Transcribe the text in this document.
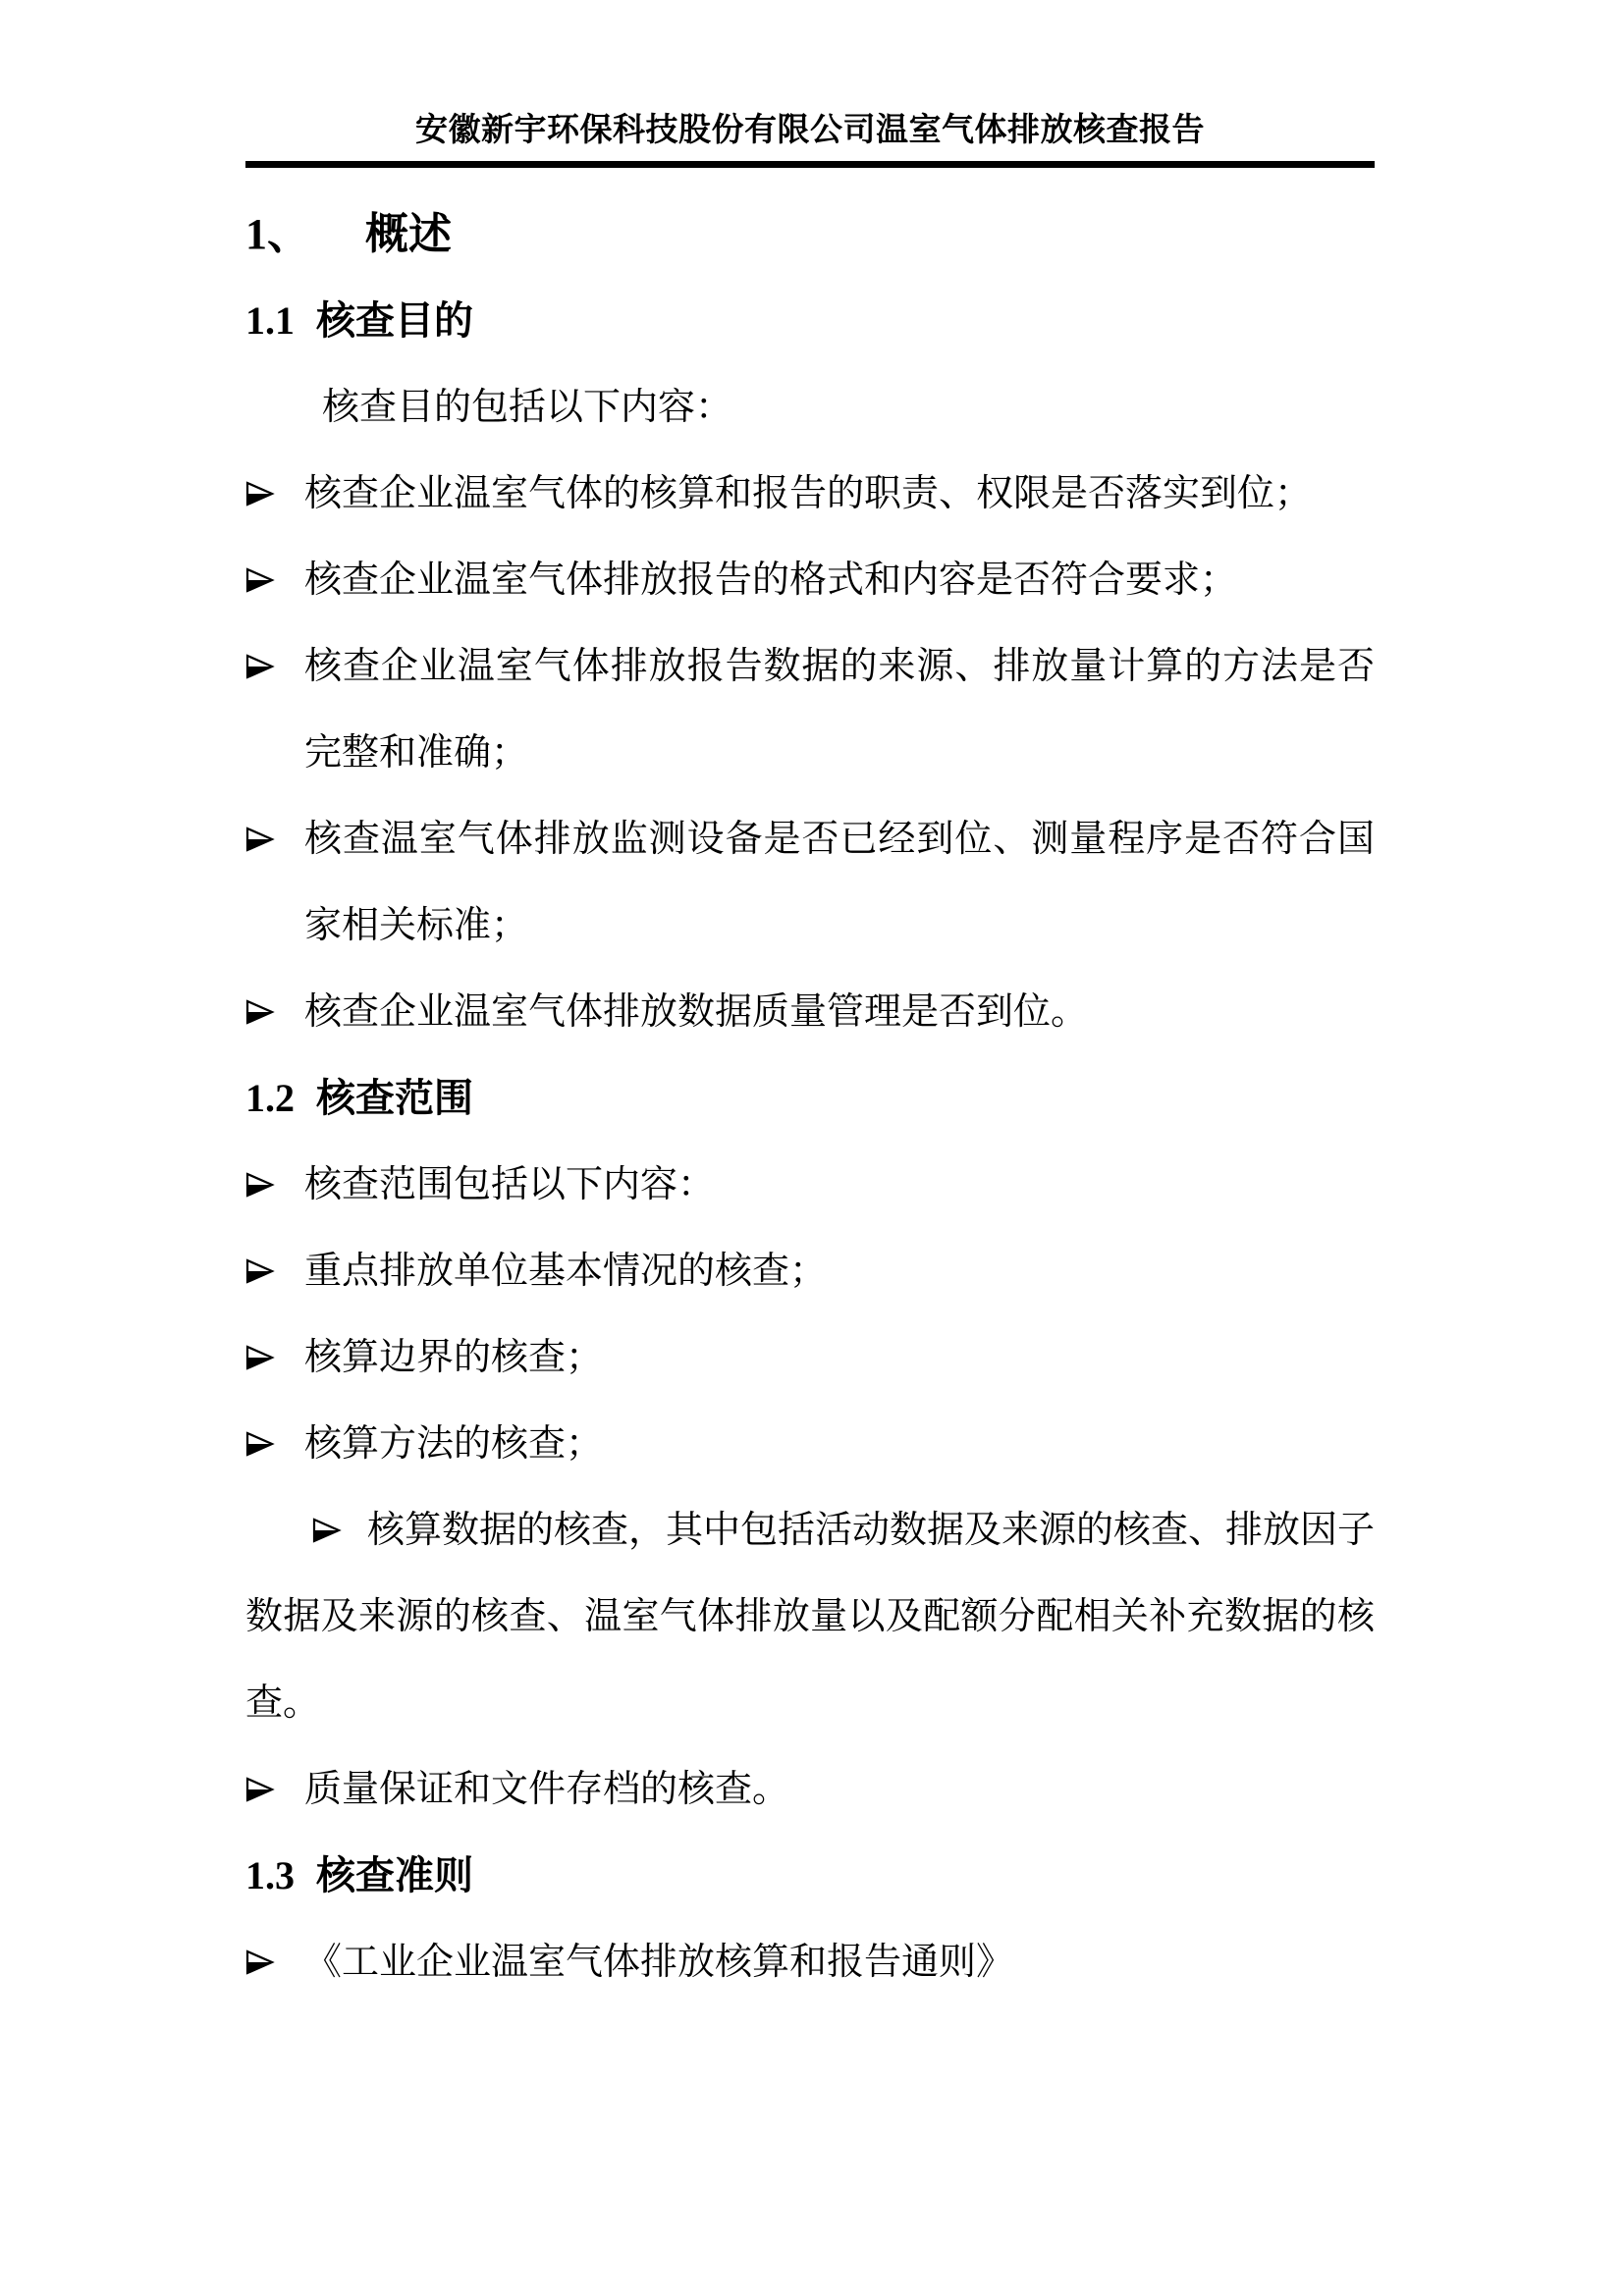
安徽新宇环保科技股份有限公司温室气体排放核查报告
1、 概述
1.1 核查目的

核查目的包括以下内容：

核查企业温室气体的核算和报告的职责、权限是否落实到位；
核查企业温室气体排放报告的格式和内容是否符合要求；
核查企业温室气体排放报告数据的来源、排放量计算的方法是否完整和准确；
核查温室气体排放监测设备是否已经到位、测量程序是否符合国家相关标准；
核查企业温室气体排放数据质量管理是否到位。
1.2 核查范围
核查范围包括以下内容：
重点排放单位基本情况的核查；
核算边界的核查；
核算方法的核查；

核算数据的核查，其中包括活动数据及来源的核查、排放因子数据及来源的核查、温室气体排放量以及配额分配相关补充数据的核查。

质量保证和文件存档的核查。
1.3 核查准则
《工业企业温室气体排放核算和报告通则》
